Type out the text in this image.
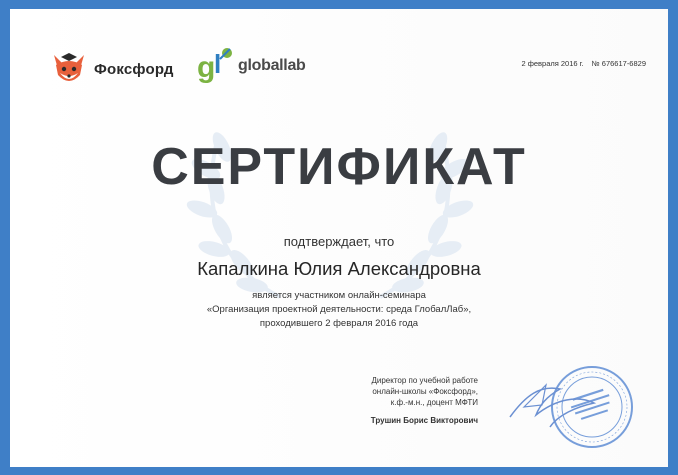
Фоксфорд g
l globallab	2 февраля 2016 г. № 676617-6829
СЕРТИФИКАТ
подтверждает, что
Капалкина Юлия Александровна
является участником онлайн-семинара
«Организация проектной деятельности: среда ГлобалЛаб»,
проходившего 2 февраля 2016 года
Директор по учебной работе
онлайн-школы «Фоксфорд»,
к.ф.-м.н., доцент МФТИ
Трушин Борис Викторович
